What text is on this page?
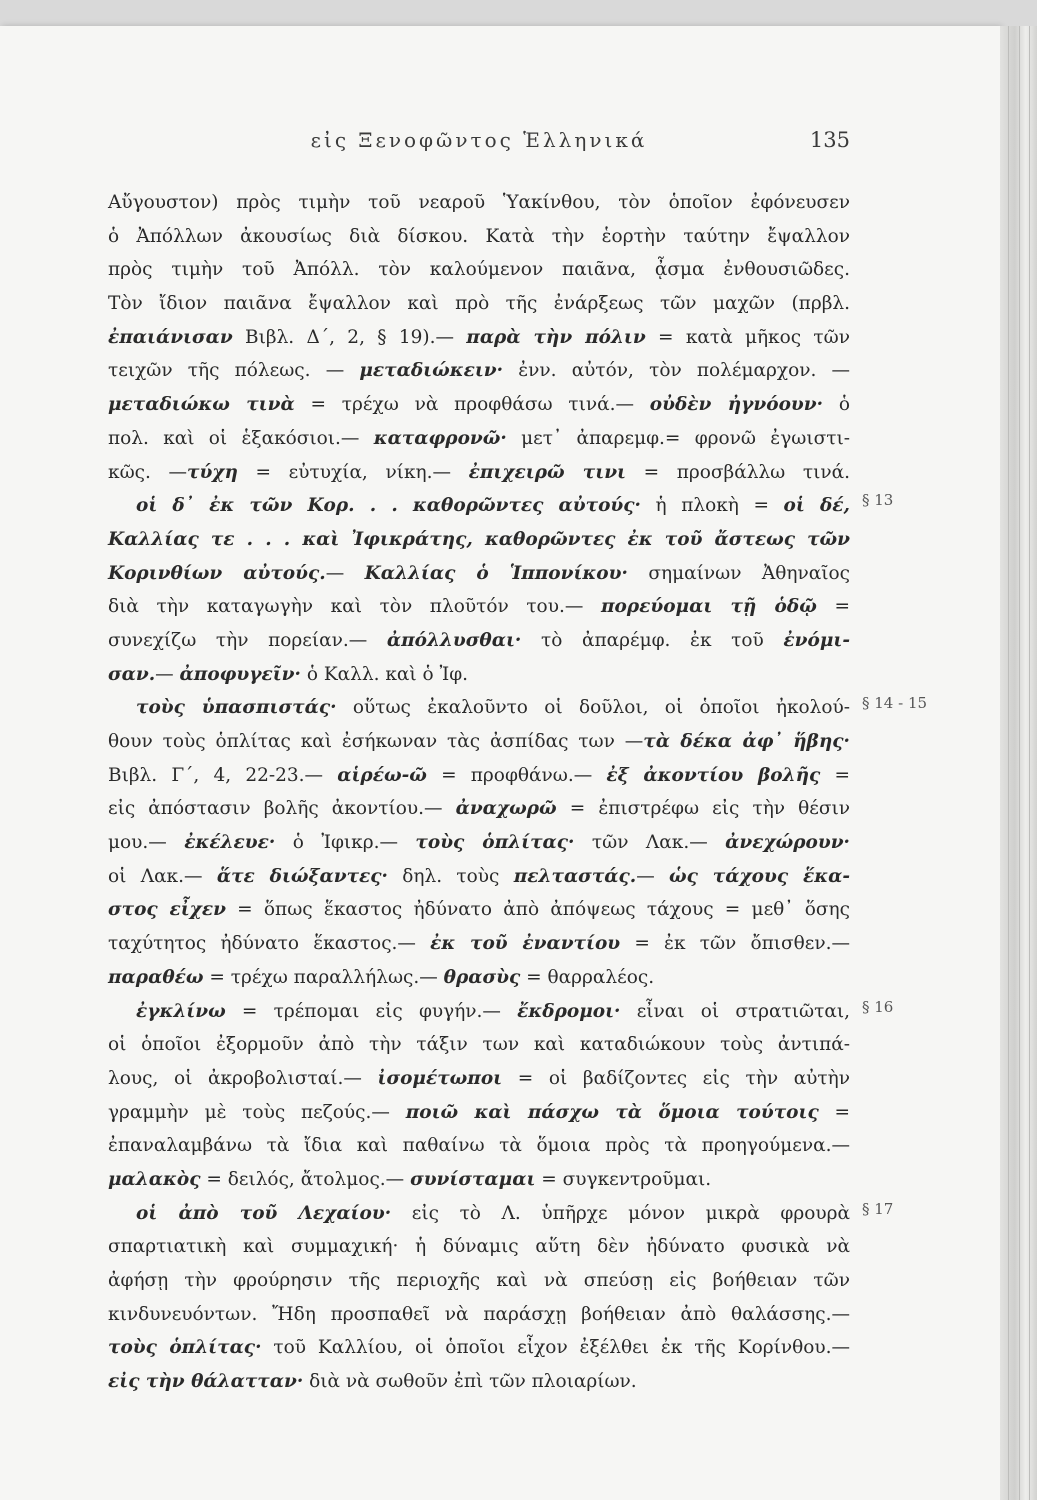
εἰς Ξενοφῶντος Ἑλληνικά	135
Αὔγουστον) πρὸς τιμὴν τοῦ νεαροῦ Ὑακίνθου, τὸν ὁποῖον ἐφόνευσεν
ὁ Ἀπόλλων ἀκουσίως διὰ δίσκου. Κατὰ τὴν ἑορτὴν ταύτην ἔψαλλον
πρὸς τιμὴν τοῦ Ἀπόλλ. τὸν καλούμενον παιᾶνα, ᾆσμα ἐνθουσιῶδες.
Τὸν ἴδιον παιᾶνα ἔψαλλον καὶ πρὸ τῆς ἐνάρξεως τῶν μαχῶν (πρβλ.
ἐπαιάνισαν Βιβλ. Δ΄, 2, § 19).— παρὰ τὴν πόλιν = κατὰ μῆκος τῶν
τειχῶν τῆς πόλεως. — μεταδιώκειν· ἐνν. αὐτόν, τὸν πολέμαρχον. —
μεταδιώκω τινὰ = τρέχω νὰ προφθάσω τινά.— οὐδὲν ἠγνόουν· ὁ
πολ. καὶ οἱ ἑξακόσιοι.— καταφρονῶ· μετ᾿ ἀπαρεμφ.= φρονῶ ἐγωιστι-
κῶς. —τύχη = εὐτυχία, νίκη.— ἐπιχειρῶ τινι = προσβάλλω τινά.
οἱ δ᾿ ἐκ τῶν Κορ. . . καθορῶντες αὐτούς· ἡ πλοκὴ = οἱ δέ,
Καλλίας τε . . . καὶ Ἰφικράτης, καθορῶντες ἐκ τοῦ ἄστεως τῶν
Κορινθίων αὐτούς.— Καλλίας ὁ Ἱππονίκου· σημαίνων Ἀθηναῖος
διὰ τὴν καταγωγὴν καὶ τὸν πλοῦτόν του.— πορεύομαι τῇ ὁδῷ =
συνεχίζω τὴν πορείαν.— ἀπόλλυσθαι· τὸ ἀπαρέμφ. ἐκ τοῦ ἐνόμι-
σαν.— ἀποφυγεῖν· ὁ Καλλ. καὶ ὁ Ἰφ.
τοὺς ὑπασπιστάς· οὕτως ἐκαλοῦντο οἱ δοῦλοι, οἱ ὁποῖοι ἠκολού-
θουν τοὺς ὁπλίτας καὶ ἐσήκωναν τὰς ἀσπίδας των —τὰ δέκα ἀφ᾿ ἥβης·
Βιβλ. Γ΄, 4, 22-23.— αἱρέω-ῶ = προφθάνω.— ἐξ ἀκοντίου βολῆς =
εἰς ἀπόστασιν βολῆς ἀκοντίου.— ἀναχωρῶ = ἐπιστρέφω εἰς τὴν θέσιν
μου.— ἐκέλευε· ὁ Ἰφικρ.— τοὺς ὁπλίτας· τῶν Λακ.— ἀνεχώρουν·
οἱ Λακ.— ἅτε διώξαντες· δηλ. τοὺς πελταστάς.— ὡς τάχους ἕκα-
στος εἶχεν = ὅπως ἕκαστος ἠδύνατο ἀπὸ ἀπόψεως τάχους = μεθ᾿ ὅσης
ταχύτητος ἠδύνατο ἕκαστος.— ἐκ τοῦ ἐναντίου = ἐκ τῶν ὄπισθεν.—
παραθέω = τρέχω παραλλήλως.— θρασὺς = θαρραλέος.
ἐγκλίνω = τρέπομαι εἰς φυγήν.— ἔκδρομοι· εἶναι οἱ στρατιῶται,
οἱ ὁποῖοι ἐξορμοῦν ἀπὸ τὴν τάξιν των καὶ καταδιώκουν τοὺς ἀντιπά-
λους, οἱ ἀκροβολισταί.— ἰσομέτωποι = οἱ βαδίζοντες εἰς τὴν αὐτὴν
γραμμὴν μὲ τοὺς πεζούς.— ποιῶ καὶ πάσχω τὰ ὅμοια τούτοις =
ἐπαναλαμβάνω τὰ ἴδια καὶ παθαίνω τὰ ὅμοια πρὸς τὰ προηγούμενα.—
μαλακὸς = δειλός, ἄτολμος.— συνίσταμαι = συγκεντροῦμαι.
οἱ ἀπὸ τοῦ Λεχαίου· εἰς τὸ Λ. ὑπῆρχε μόνον μικρὰ φρουρὰ
σπαρτιατικὴ καὶ συμμαχική· ἡ δύναμις αὕτη δὲν ἠδύνατο φυσικὰ νὰ
ἀφήσῃ τὴν φρούρησιν τῆς περιοχῆς καὶ νὰ σπεύσῃ εἰς βοήθειαν τῶν
κινδυνευόντων. Ἤδη προσπαθεῖ νὰ παράσχῃ βοήθειαν ἀπὸ θαλάσσης.—
τοὺς ὁπλίτας· τοῦ Καλλίου, οἱ ὁποῖοι εἶχον ἐξέλθει ἐκ τῆς Κορίνθου.—
εἰς τὴν θάλατταν· διὰ νὰ σωθοῦν ἐπὶ τῶν πλοιαρίων.
§ 13
§ 14 - 15
§ 16
§ 17
